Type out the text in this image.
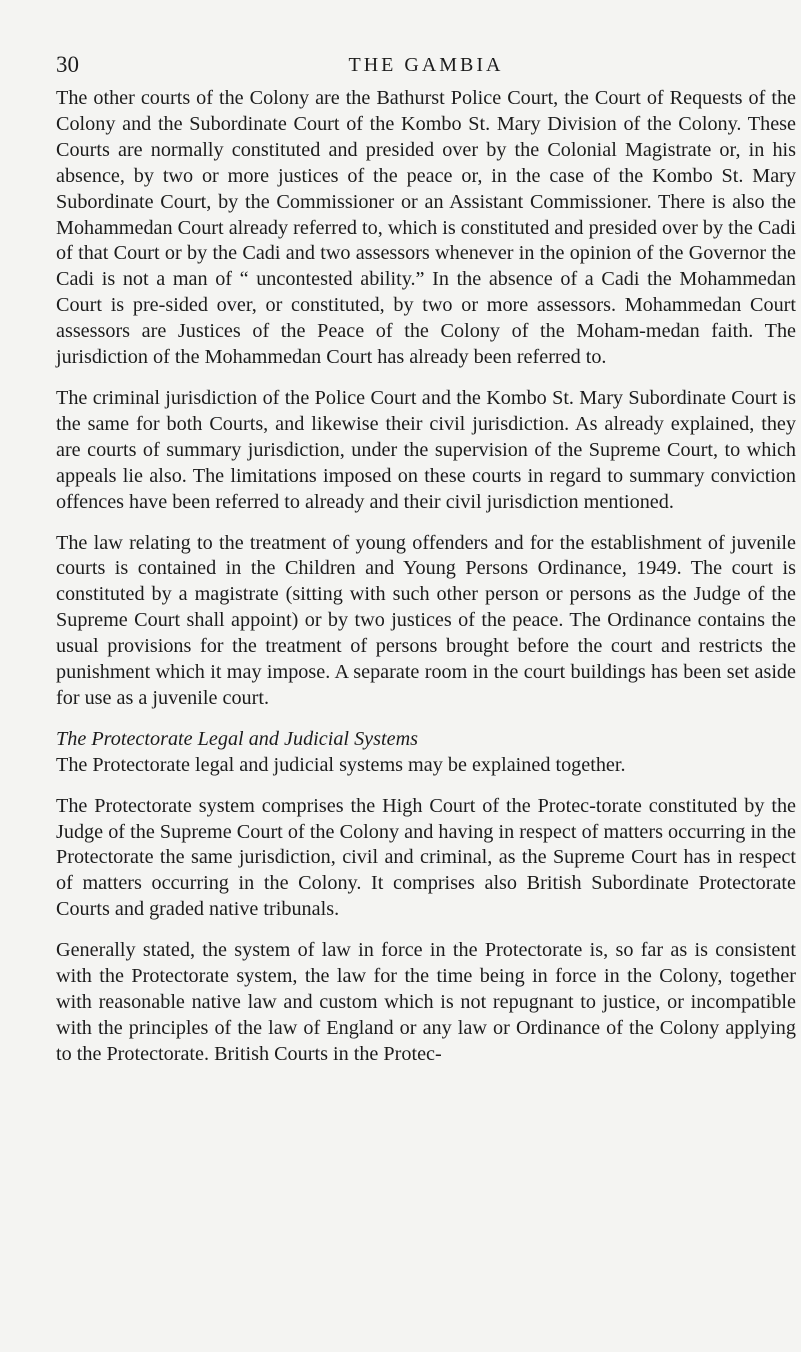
30	THE GAMBIA

The other courts of the Colony are the Bathurst Police Court, the Court of Requests of the Colony and the Subordinate Court of the Kombo St. Mary Division of the Colony. These Courts are normally constituted and presided over by the Colonial Magistrate or, in his absence, by two or more justices of the peace or, in the case of the Kombo St. Mary Subordinate Court, by the Commissioner or an Assistant Commissioner. There is also the Mohammedan Court already referred to, which is constituted and presided over by the Cadi of that Court or by the Cadi and two assessors whenever in the opinion of the Governor the Cadi is not a man of “ uncontested ability.” In the absence of a Cadi the Mohammedan Court is pre-sided over, or constituted, by two or more assessors. Mohammedan Court assessors are Justices of the Peace of the Colony of the Moham-medan faith. The jurisdiction of the Mohammedan Court has already been referred to.

The criminal jurisdiction of the Police Court and the Kombo St. Mary Subordinate Court is the same for both Courts, and likewise their civil jurisdiction. As already explained, they are courts of summary jurisdiction, under the supervision of the Supreme Court, to which appeals lie also. The limitations imposed on these courts in regard to summary conviction offences have been referred to already and their civil jurisdiction mentioned.

The law relating to the treatment of young offenders and for the establishment of juvenile courts is contained in the Children and Young Persons Ordinance, 1949. The court is constituted by a magistrate (sitting with such other person or persons as the Judge of the Supreme Court shall appoint) or by two justices of the peace. The Ordinance contains the usual provisions for the treatment of persons brought before the court and restricts the punishment which it may impose. A separate room in the court buildings has been set aside for use as a juvenile court.

The Protectorate Legal and Judicial Systems

The Protectorate legal and judicial systems may be explained together.

The Protectorate system comprises the High Court of the Protec-torate constituted by the Judge of the Supreme Court of the Colony and having in respect of matters occurring in the Protectorate the same jurisdiction, civil and criminal, as the Supreme Court has in respect of matters occurring in the Colony. It comprises also British Subordinate Protectorate Courts and graded native tribunals.

Generally stated, the system of law in force in the Protectorate is, so far as is consistent with the Protectorate system, the law for the time being in force in the Colony, together with reasonable native law and custom which is not repugnant to justice, or incompatible with the principles of the law of England or any law or Ordinance of the Colony applying to the Protectorate. British Courts in the Protec-
